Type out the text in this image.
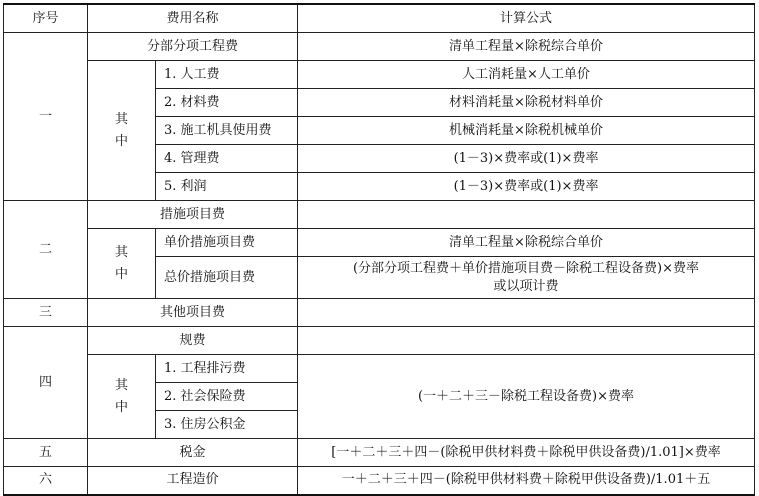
序号	费用名称		计算公式
一	分部分项工程费		清单工程量×除税综合单价
	其中	1. 人工费	人工消耗量×人工单价
		2. 材料费	材料消耗量×除税材料单价
		3. 施工机具使用费	机械消耗量×除税机械单价
		4. 管理费	(1－3)×费率或(1)×费率
		5. 利润	(1－3)×费率或(1)×费率
二	措施项目费		
	其中	单价措施项目费	清单工程量×除税综合单价
		总价措施项目费	(分部分项工程费＋单价措施项目费－除税工程设备费)×费率
或以项计费

三	其他项目费		
四	规费		
	其中	1. 工程排污费	(一＋二＋三－除税工程设备费)×费率
		2. 社会保险费	
		3. 住房公积金	
五	税金		[一＋二＋三＋四－(除税甲供材料费＋除税甲供设备费)/1.01]×费率
六	工程造价		一＋二＋三＋四－(除税甲供材料费＋除税甲供设备费)/1.01＋五
